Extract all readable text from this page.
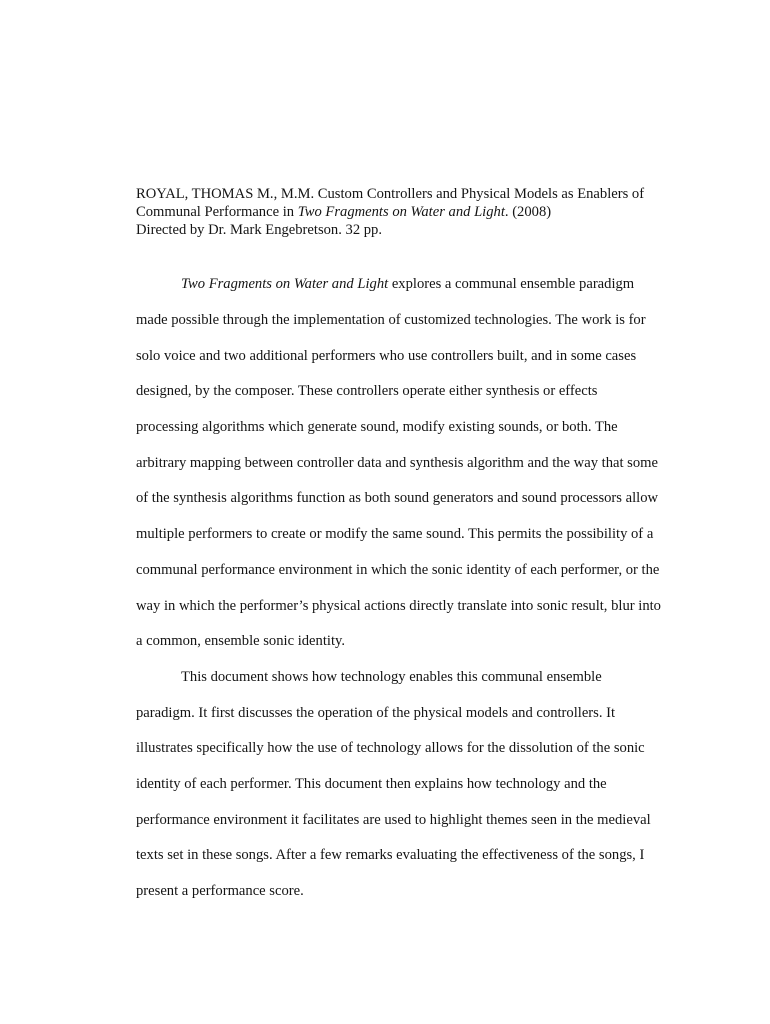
ROYAL, THOMAS M., M.M. Custom Controllers and Physical Models as Enablers of
Communal Performance in Two Fragments on Water and Light. (2008)
Directed by Dr. Mark Engebretson. 32 pp.
Two Fragments on Water and Light explores a communal ensemble paradigm
made possible through the implementation of customized technologies. The work is for
solo voice and two additional performers who use controllers built, and in some cases
designed, by the composer. These controllers operate either synthesis or effects
processing algorithms which generate sound, modify existing sounds, or both. The
arbitrary mapping between controller data and synthesis algorithm and the way that some
of the synthesis algorithms function as both sound generators and sound processors allow
multiple performers to create or modify the same sound. This permits the possibility of a
communal performance environment in which the sonic identity of each performer, or the
way in which the performer’s physical actions directly translate into sonic result, blur into
a common, ensemble sonic identity.
This document shows how technology enables this communal ensemble
paradigm. It first discusses the operation of the physical models and controllers. It
illustrates specifically how the use of technology allows for the dissolution of the sonic
identity of each performer. This document then explains how technology and the
performance environment it facilitates are used to highlight themes seen in the medieval
texts set in these songs. After a few remarks evaluating the effectiveness of the songs, I
present a performance score.
